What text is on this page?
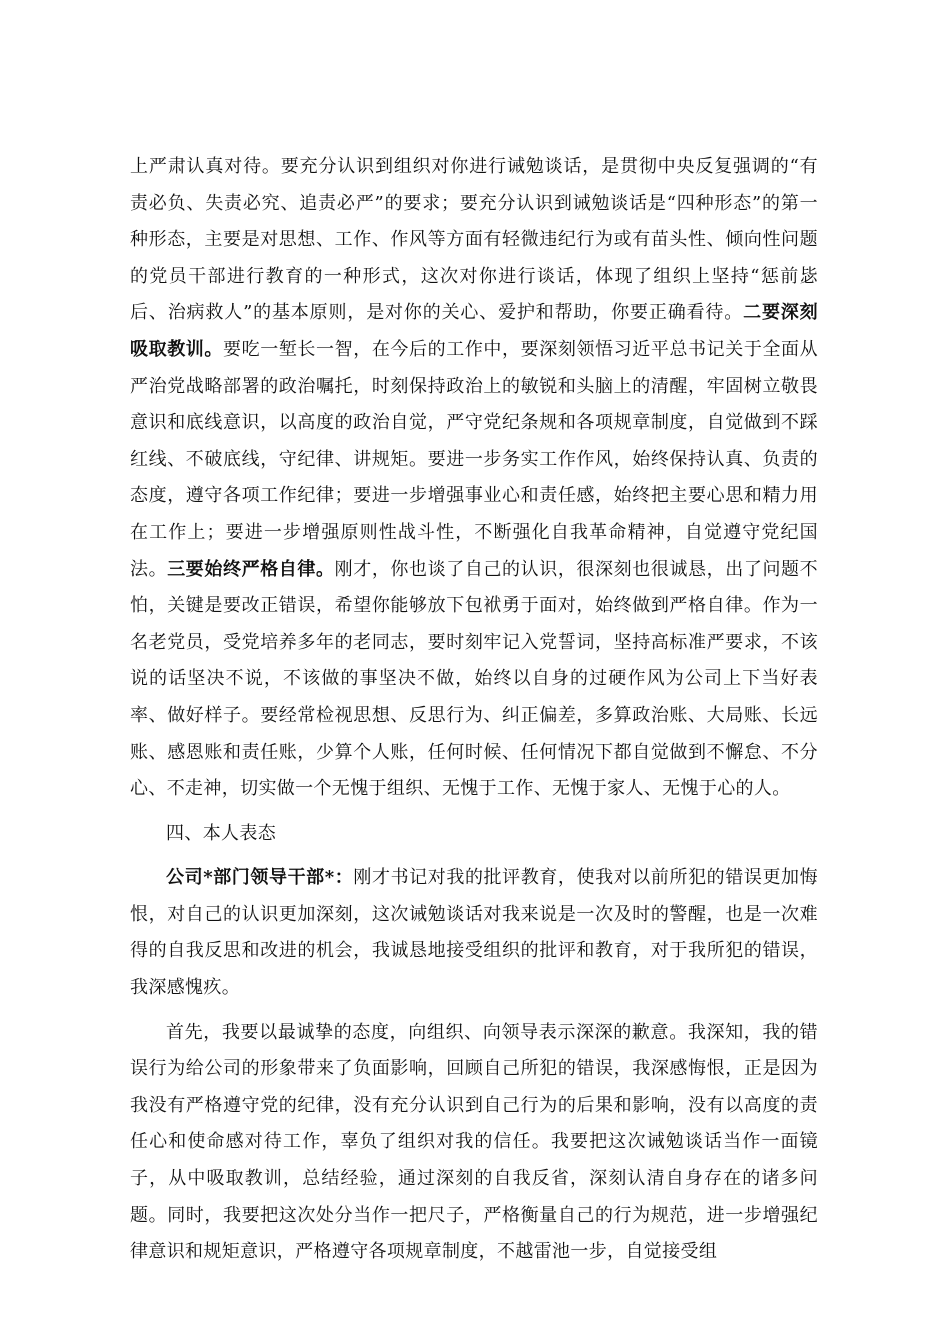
上严肃认真对待。要充分认识到组织对你进行诫勉谈话，是贯彻中央反复强调的“有责必负、失责必究、追责必严”的要求；要充分认识到诫勉谈话是“四种形态”的第一种形态，主要是对思想、工作、作风等方面有轻微违纪行为或有苗头性、倾向性问题的党员干部进行教育的一种形式，这次对你进行谈话，体现了组织上坚持“惩前毖后、治病救人”的基本原则，是对你的关心、爱护和帮助，你要正确看待。二要深刻吸取教训。要吃一堑长一智，在今后的工作中，要深刻领悟习近平总书记关于全面从严治党战略部署的政治嘱托，时刻保持政治上的敏锐和头脑上的清醒，牢固树立敬畏意识和底线意识，以高度的政治自觉，严守党纪条规和各项规章制度，自觉做到不踩红线、不破底线，守纪律、讲规矩。要进一步务实工作作风，始终保持认真、负责的态度，遵守各项工作纪律；要进一步增强事业心和责任感，始终把主要心思和精力用在工作上；要进一步增强原则性战斗性，不断强化自我革命精神，自觉遵守党纪国法。三要始终严格自律。刚才，你也谈了自己的认识，很深刻也很诚恳，出了问题不怕，关键是要改正错误，希望你能够放下包袱勇于面对，始终做到严格自律。作为一名老党员，受党培养多年的老同志，要时刻牢记入党誓词，坚持高标准严要求，不该说的话坚决不说，不该做的事坚决不做，始终以自身的过硬作风为公司上下当好表率、做好样子。要经常检视思想、反思行为、纠正偏差，多算政治账、大局账、长远账、感恩账和责任账，少算个人账，任何时候、任何情况下都自觉做到不懈怠、不分心、不走神，切实做一个无愧于组织、无愧于工作、无愧于家人、无愧于心的人。

四、本人表态

公司*部门领导干部*：刚才书记对我的批评教育，使我对以前所犯的错误更加悔恨，对自己的认识更加深刻，这次诫勉谈话对我来说是一次及时的警醒，也是一次难得的自我反思和改进的机会，我诚恳地接受组织的批评和教育，对于我所犯的错误，我深感愧疚。

首先，我要以最诚挚的态度，向组织、向领导表示深深的歉意。我深知，我的错误行为给公司的形象带来了负面影响，回顾自己所犯的错误，我深感悔恨，正是因为我没有严格遵守党的纪律，没有充分认识到自己行为的后果和影响，没有以高度的责任心和使命感对待工作，辜负了组织对我的信任。我要把这次诫勉谈话当作一面镜子，从中吸取教训，总结经验，通过深刻的自我反省，深刻认清自身存在的诸多问题。同时，我要把这次处分当作一把尺子，严格衡量自己的行为规范，进一步增强纪律意识和规矩意识，严格遵守各项规章制度，不越雷池一步，自觉接受组
